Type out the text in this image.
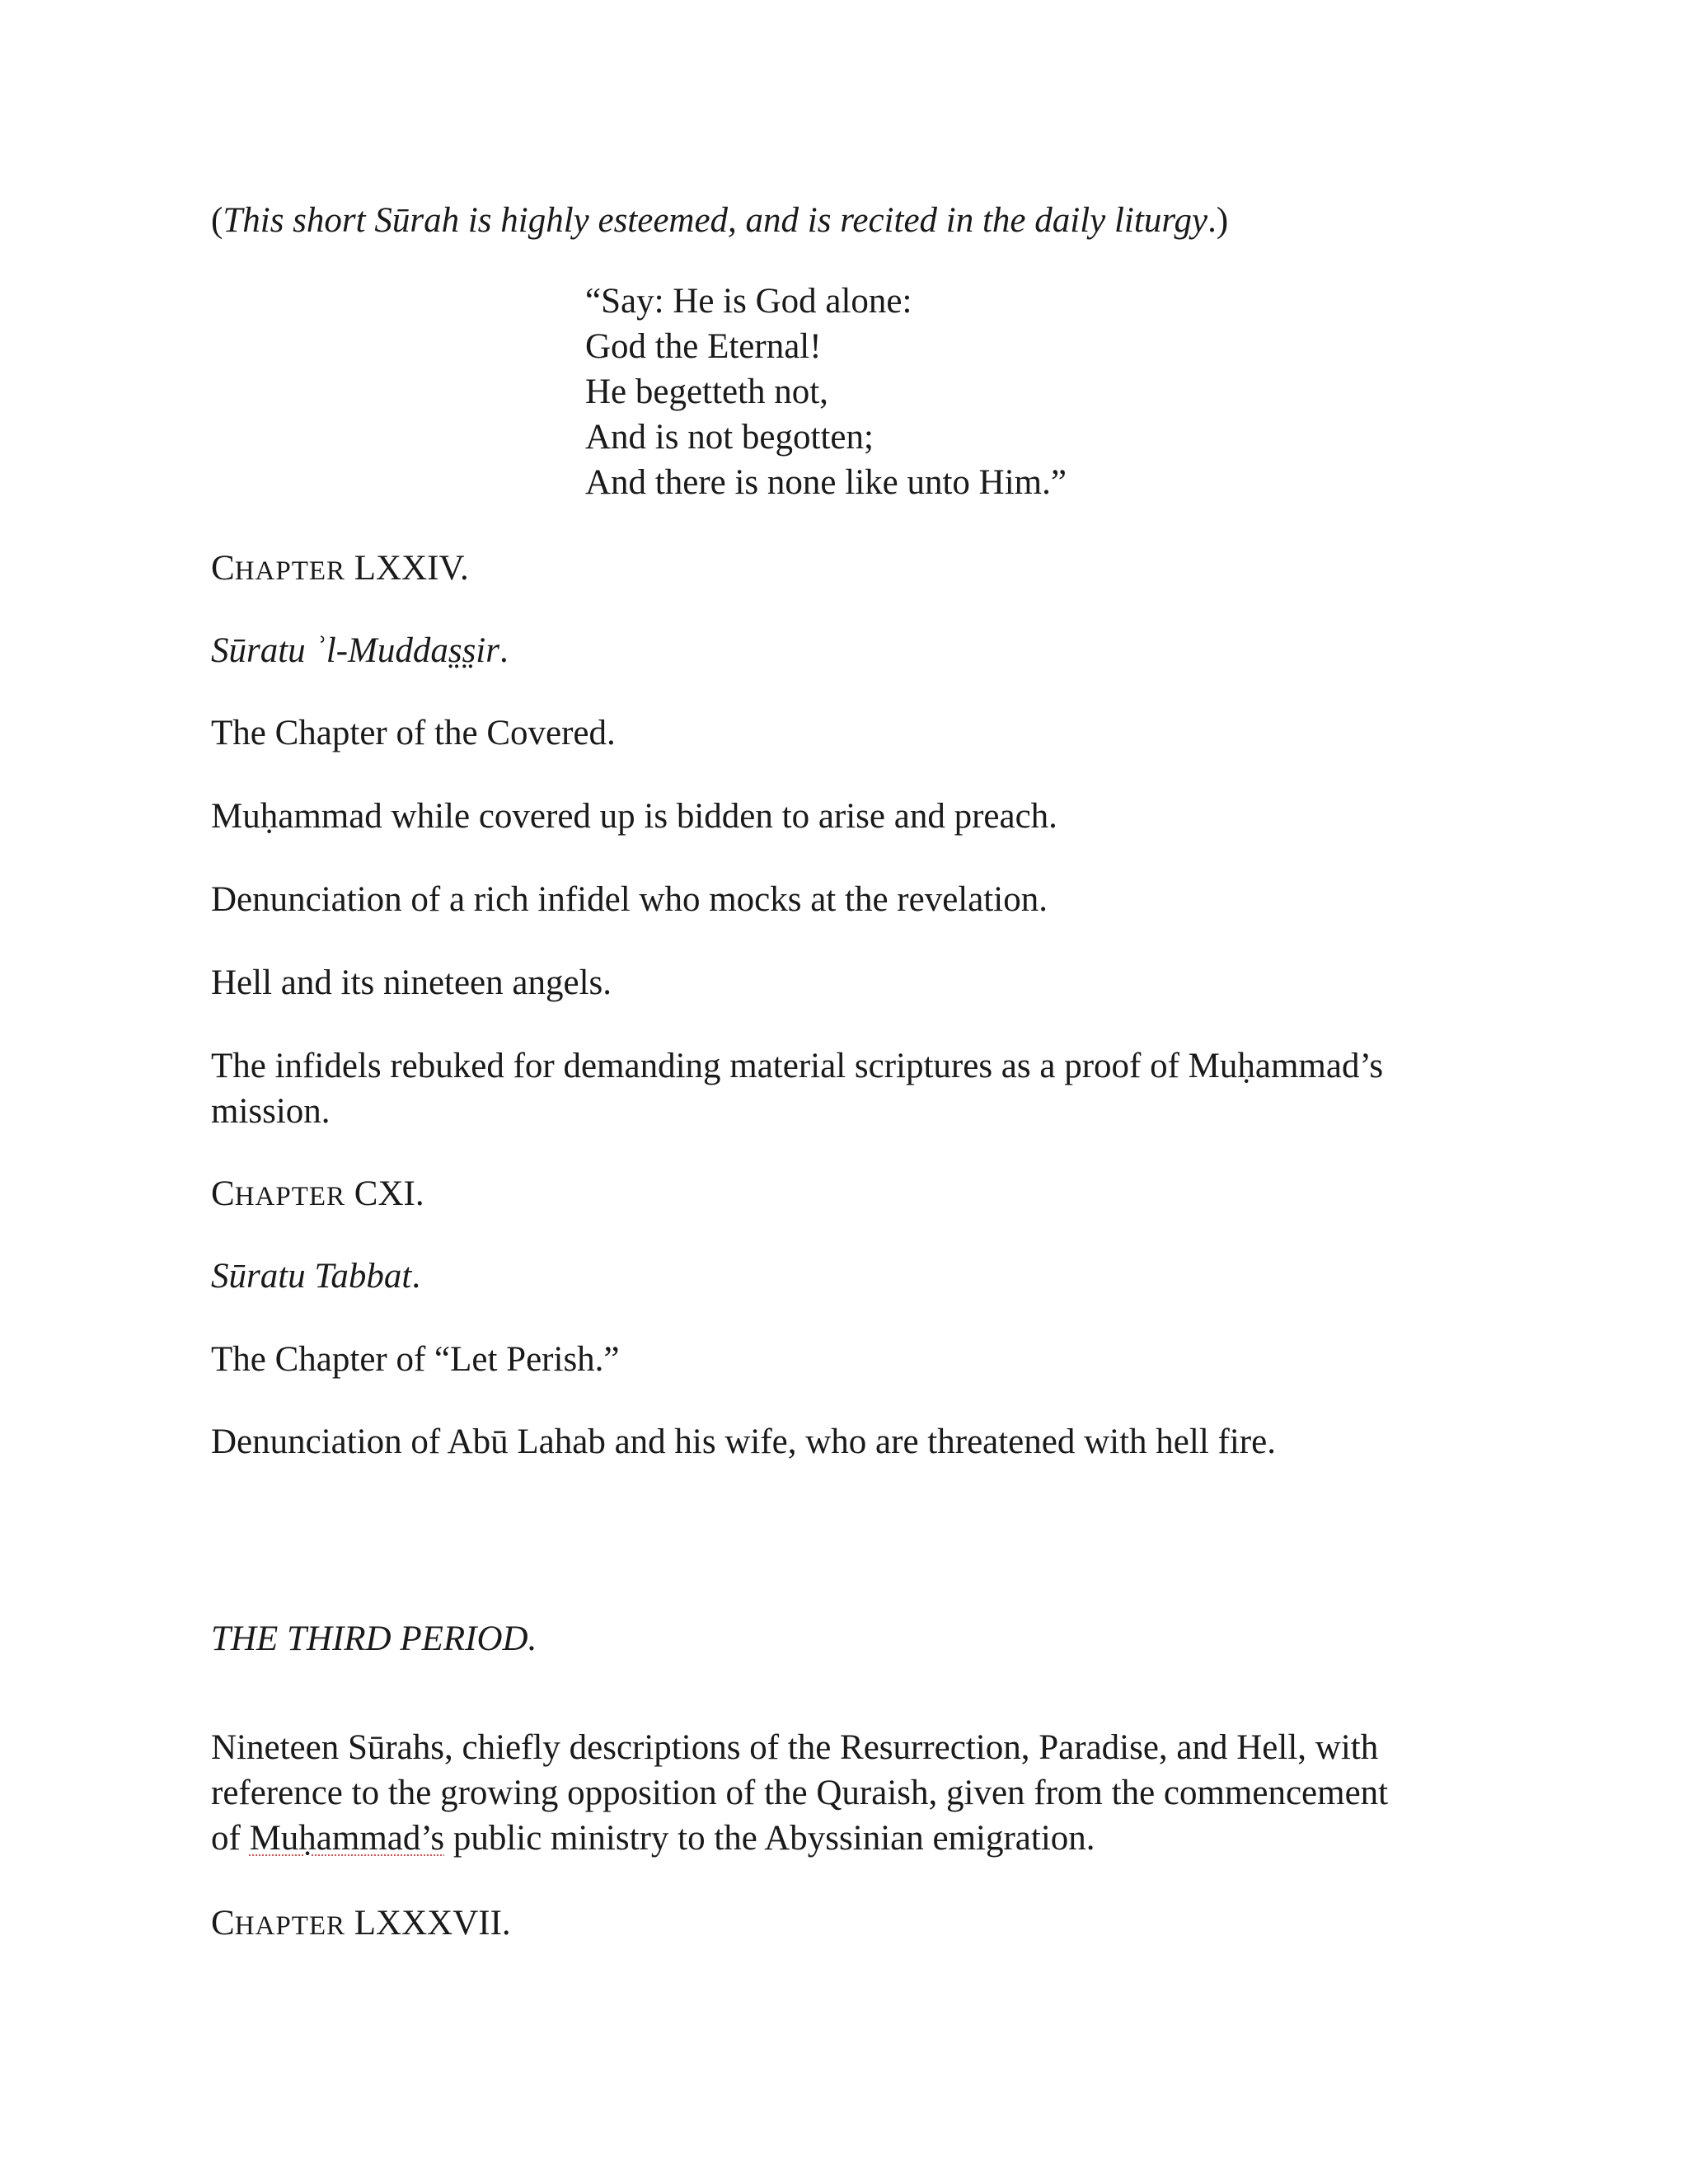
(This short Sūrah is highly esteemed, and is recited in the daily liturgy.)

“Say: He is God alone:
God the Eternal!
He begetteth not,
And is not begotten;
And there is none like unto Him.”

CHAPTER LXXIV.

Sūratu ʾl-Muddas̤s̤ir.

The Chapter of the Covered.

Muḥammad while covered up is bidden to arise and preach.

Denunciation of a rich infidel who mocks at the revelation.

Hell and its nineteen angels.

The infidels rebuked for demanding material scriptures as a proof of Muḥammad’s

mission.

CHAPTER CXI.

Sūratu Tabbat.

The Chapter of “Let Perish.”

Denunciation of Abū Lahab and his wife, who are threatened with hell fire.

THE THIRD PERIOD.

Nineteen Sūrahs, chiefly descriptions of the Resurrection, Paradise, and Hell, with

reference to the growing opposition of the Quraish, given from the commencement

of Muḥammad’s public ministry to the Abyssinian emigration.

CHAPTER LXXXVII.
